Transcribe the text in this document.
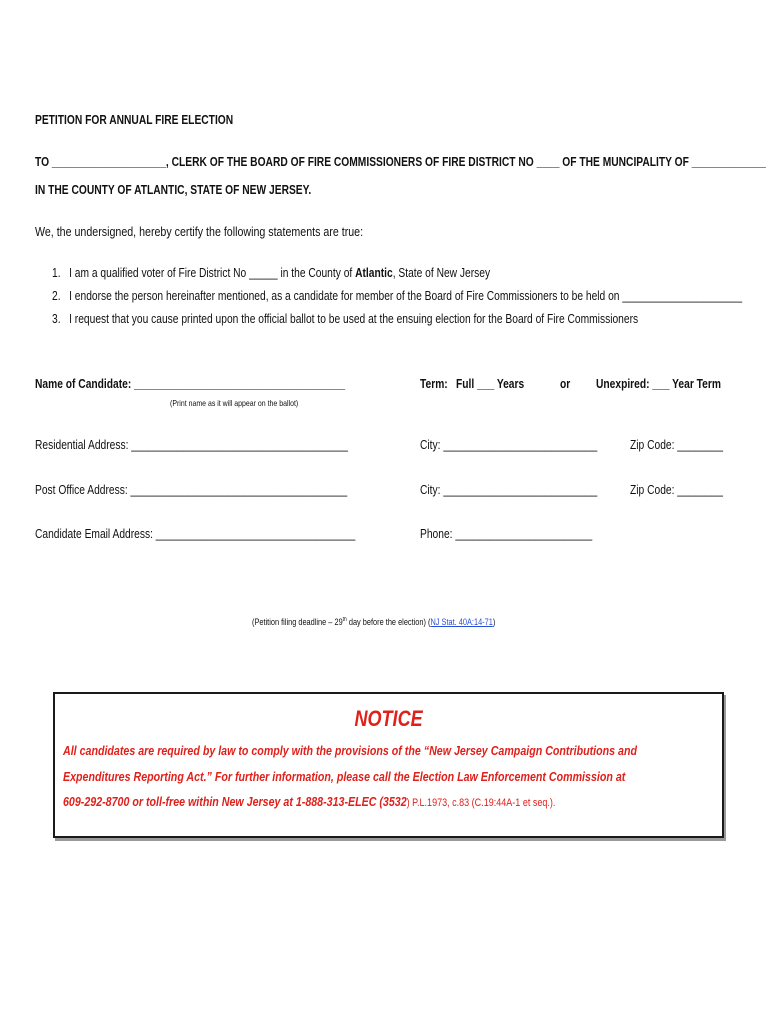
PETITION FOR ANNUAL FIRE ELECTION
TO ____________________, CLERK OF THE BOARD OF FIRE COMMISSIONERS OF FIRE DISTRICT NO ____ OF THE MUNCIPALITY OF _____________
IN THE COUNTY OF ATLANTIC, STATE OF NEW JERSEY.
We, the undersigned, hereby certify the following statements are true:
1. I am a qualified voter of Fire District No _____ in the County of Atlantic, State of New Jersey
2. I endorse the person hereinafter mentioned, as a candidate for member of the Board of Fire Commissioners to be held on _____________________
3. I request that you cause printed upon the official ballot to be used at the ensuing election for the Board of Fire Commissioners
Name of Candidate: _____________________________________
(Print name as it will appear on the ballot)
Term: Full ___ Years	or Unexpired: ___ Year Term
Residential Address: ______________________________________	City: ___________________________	Zip Code: ________
Post Office Address: ______________________________________	City: ___________________________	Zip Code: ________
Candidate Email Address: ___________________________________	Phone: ________________________
(Petition filing deadline – 29th day before the election) (NJ Stat. 40A:14-71)
NOTICE
All candidates are required by law to comply with the provisions of the “New Jersey Campaign Contributions and
Expenditures Reporting Act.” For further information, please call the Election Law Enforcement Commission at
609-292-8700 or toll-free within New Jersey at 1-888-313-ELEC (3532) P.L.1973, c.83 (C.19:44A-1 et seq.).
